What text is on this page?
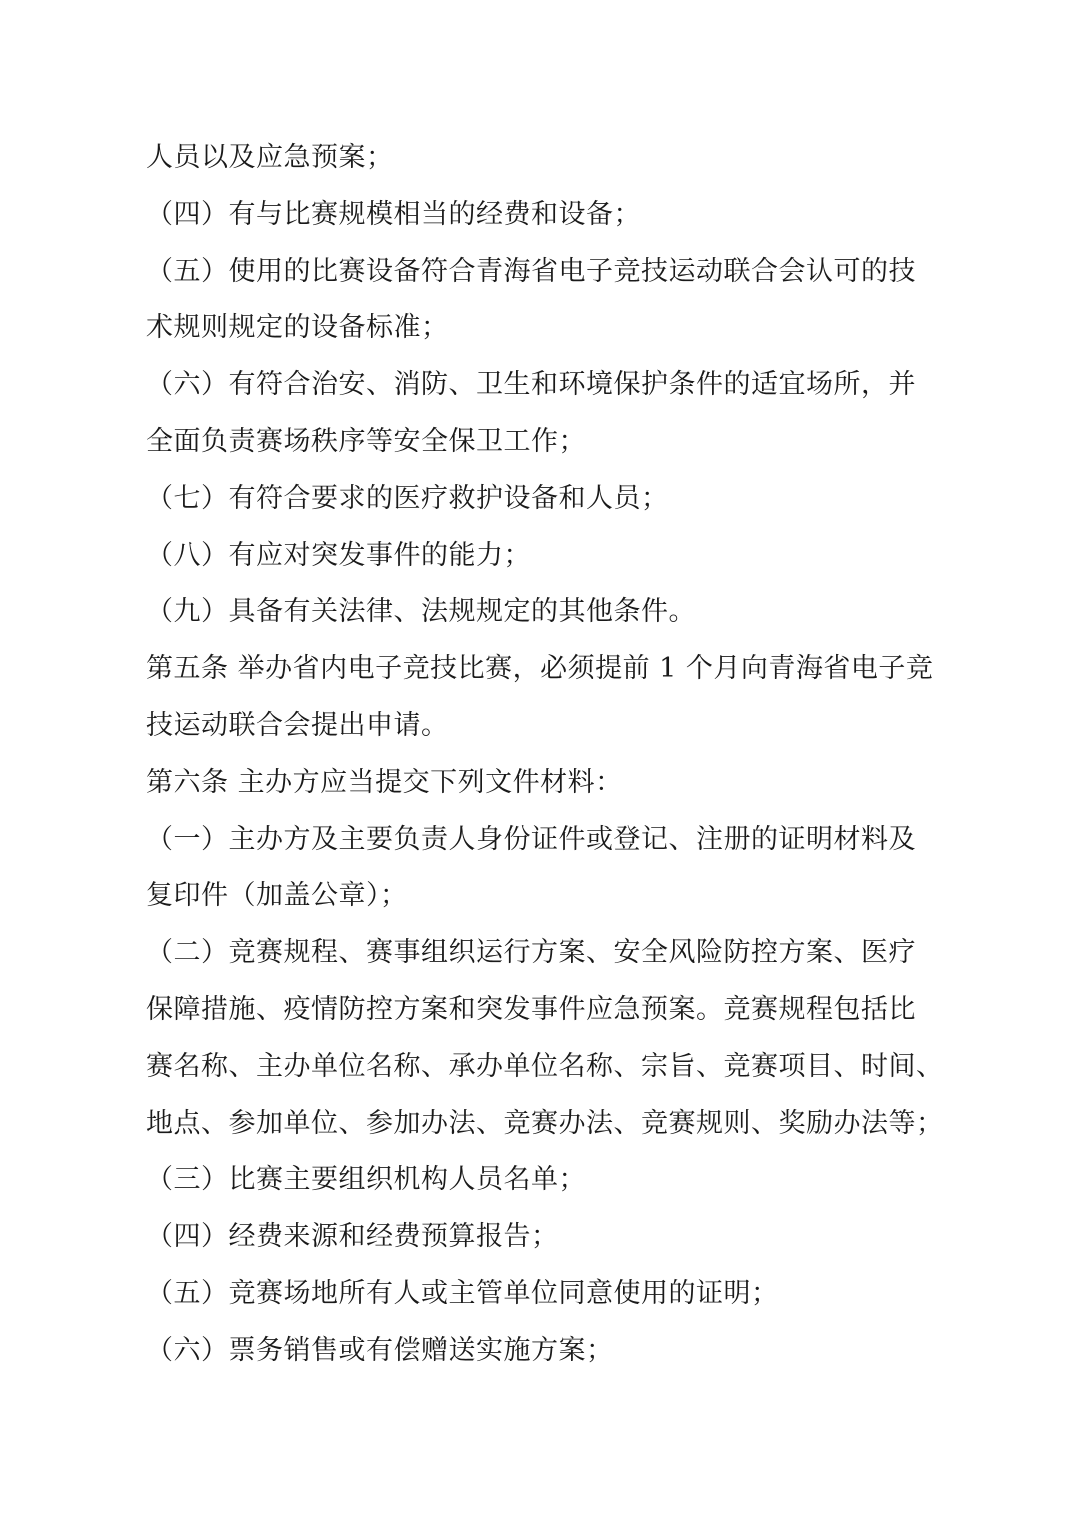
人员以及应急预案；
（四）有与比赛规模相当的经费和设备；
（五）使用的比赛设备符合青海省电子竞技运动联合会认可的技
术规则规定的设备标准；
（六）有符合治安、消防、卫生和环境保护条件的适宜场所，并
全面负责赛场秩序等安全保卫工作；
（七）有符合要求的医疗救护设备和人员；
（八）有应对突发事件的能力；
（九）具备有关法律、法规规定的其他条件。
第五条 举办省内电子竞技比赛，必须提前 1 个月向青海省电子竞
技运动联合会提出申请。
第六条 主办方应当提交下列文件材料：
（一）主办方及主要负责人身份证件或登记、注册的证明材料及
复印件（加盖公章）；
（二）竞赛规程、赛事组织运行方案、安全风险防控方案、医疗
保障措施、疫情防控方案和突发事件应急预案。竞赛规程包括比
赛名称、主办单位名称、承办单位名称、宗旨、竞赛项目、时间、
地点、参加单位、参加办法、竞赛办法、竞赛规则、奖励办法等；
（三）比赛主要组织机构人员名单；
（四）经费来源和经费预算报告；
（五）竞赛场地所有人或主管单位同意使用的证明；
（六）票务销售或有偿赠送实施方案；
